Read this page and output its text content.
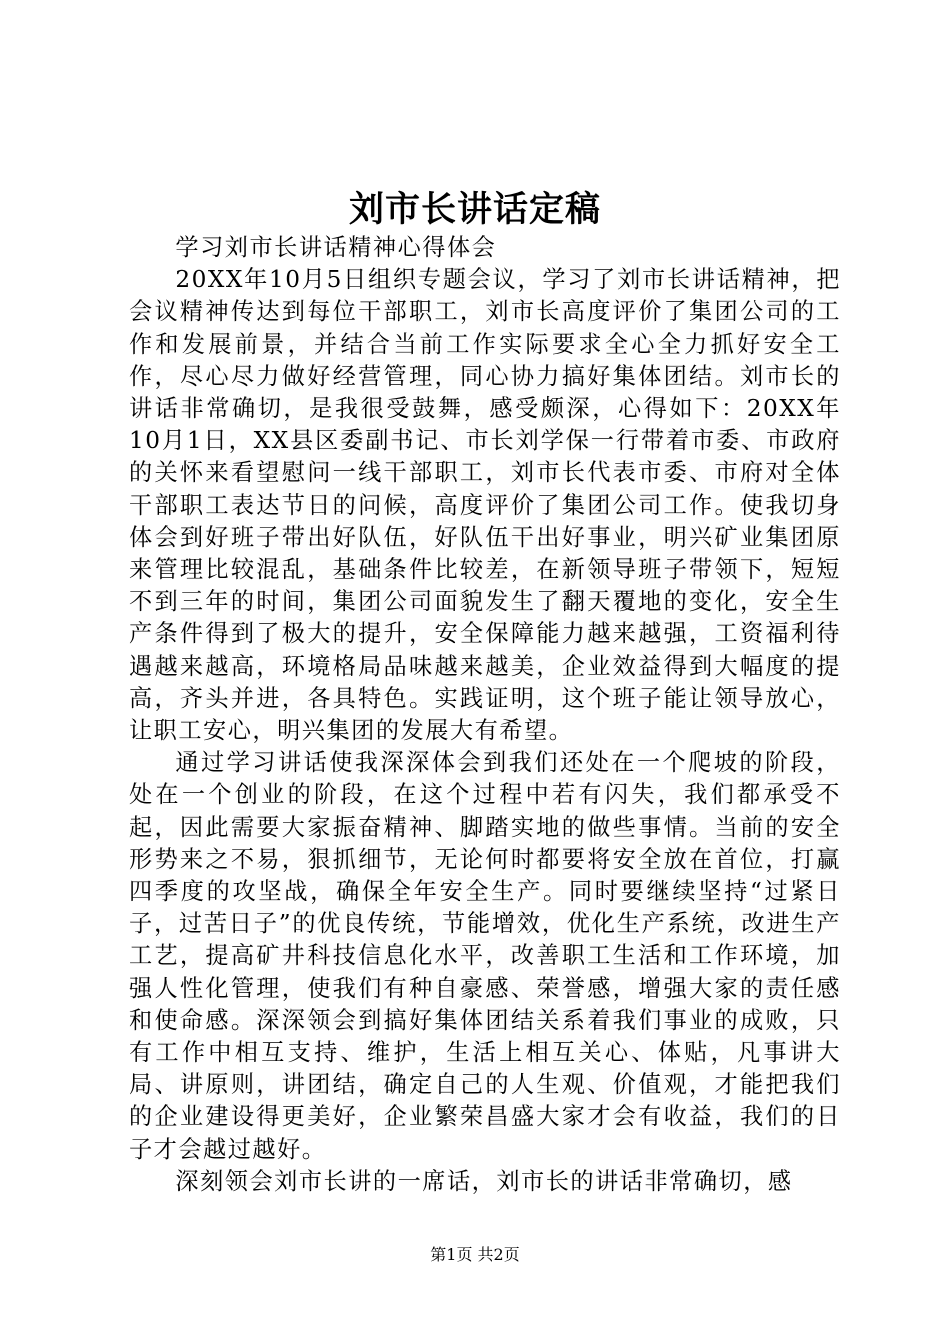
刘市长讲话定稿

学习刘市长讲话精神心得体会

20XX年10月5日组织专题会议，学习了刘市长讲话精神，把会议精神传达到每位干部职工，刘市长高度评价了集团公司的工作和发展前景，并结合当前工作实际要求全心全力抓好安全工作，尽心尽力做好经营管理，同心协力搞好集体团结。刘市长的讲话非常确切，是我很受鼓舞，感受颇深，心得如下：20XX年10月1日，XX县区委副书记、市长刘学保一行带着市委、市政府的关怀来看望慰问一线干部职工，刘市长代表市委、市府对全体干部职工表达节日的问候，高度评价了集团公司工作。使我切身体会到好班子带出好队伍，好队伍干出好事业，明兴矿业集团原来管理比较混乱，基础条件比较差，在新领导班子带领下，短短不到三年的时间，集团公司面貌发生了翻天覆地的变化，安全生产条件得到了极大的提升，安全保障能力越来越强，工资福利待遇越来越高，环境格局品味越来越美，企业效益得到大幅度的提高，齐头并进，各具特色。实践证明，这个班子能让领导放心，让职工安心，明兴集团的发展大有希望。

通过学习讲话使我深深体会到我们还处在一个爬坡的阶段，处在一个创业的阶段，在这个过程中若有闪失，我们都承受不起，因此需要大家振奋精神、脚踏实地的做些事情。当前的安全形势来之不易，狠抓细节，无论何时都要将安全放在首位，打赢四季度的攻坚战，确保全年安全生产。同时要继续坚持“过紧日子，过苦日子”的优良传统，节能增效，优化生产系统，改进生产工艺，提高矿井科技信息化水平，改善职工生活和工作环境，加强人性化管理，使我们有种自豪感、荣誉感，增强大家的责任感和使命感。深深领会到搞好集体团结关系着我们事业的成败，只有工作中相互支持、维护，生活上相互关心、体贴，凡事讲大局、讲原则，讲团结，确定自己的人生观、价值观，才能把我们的企业建设得更美好，企业繁荣昌盛大家才会有收益，我们的日子才会越过越好。

深刻领会刘市长讲的一席话，刘市长的讲话非常确切，感

第1页 共2页
